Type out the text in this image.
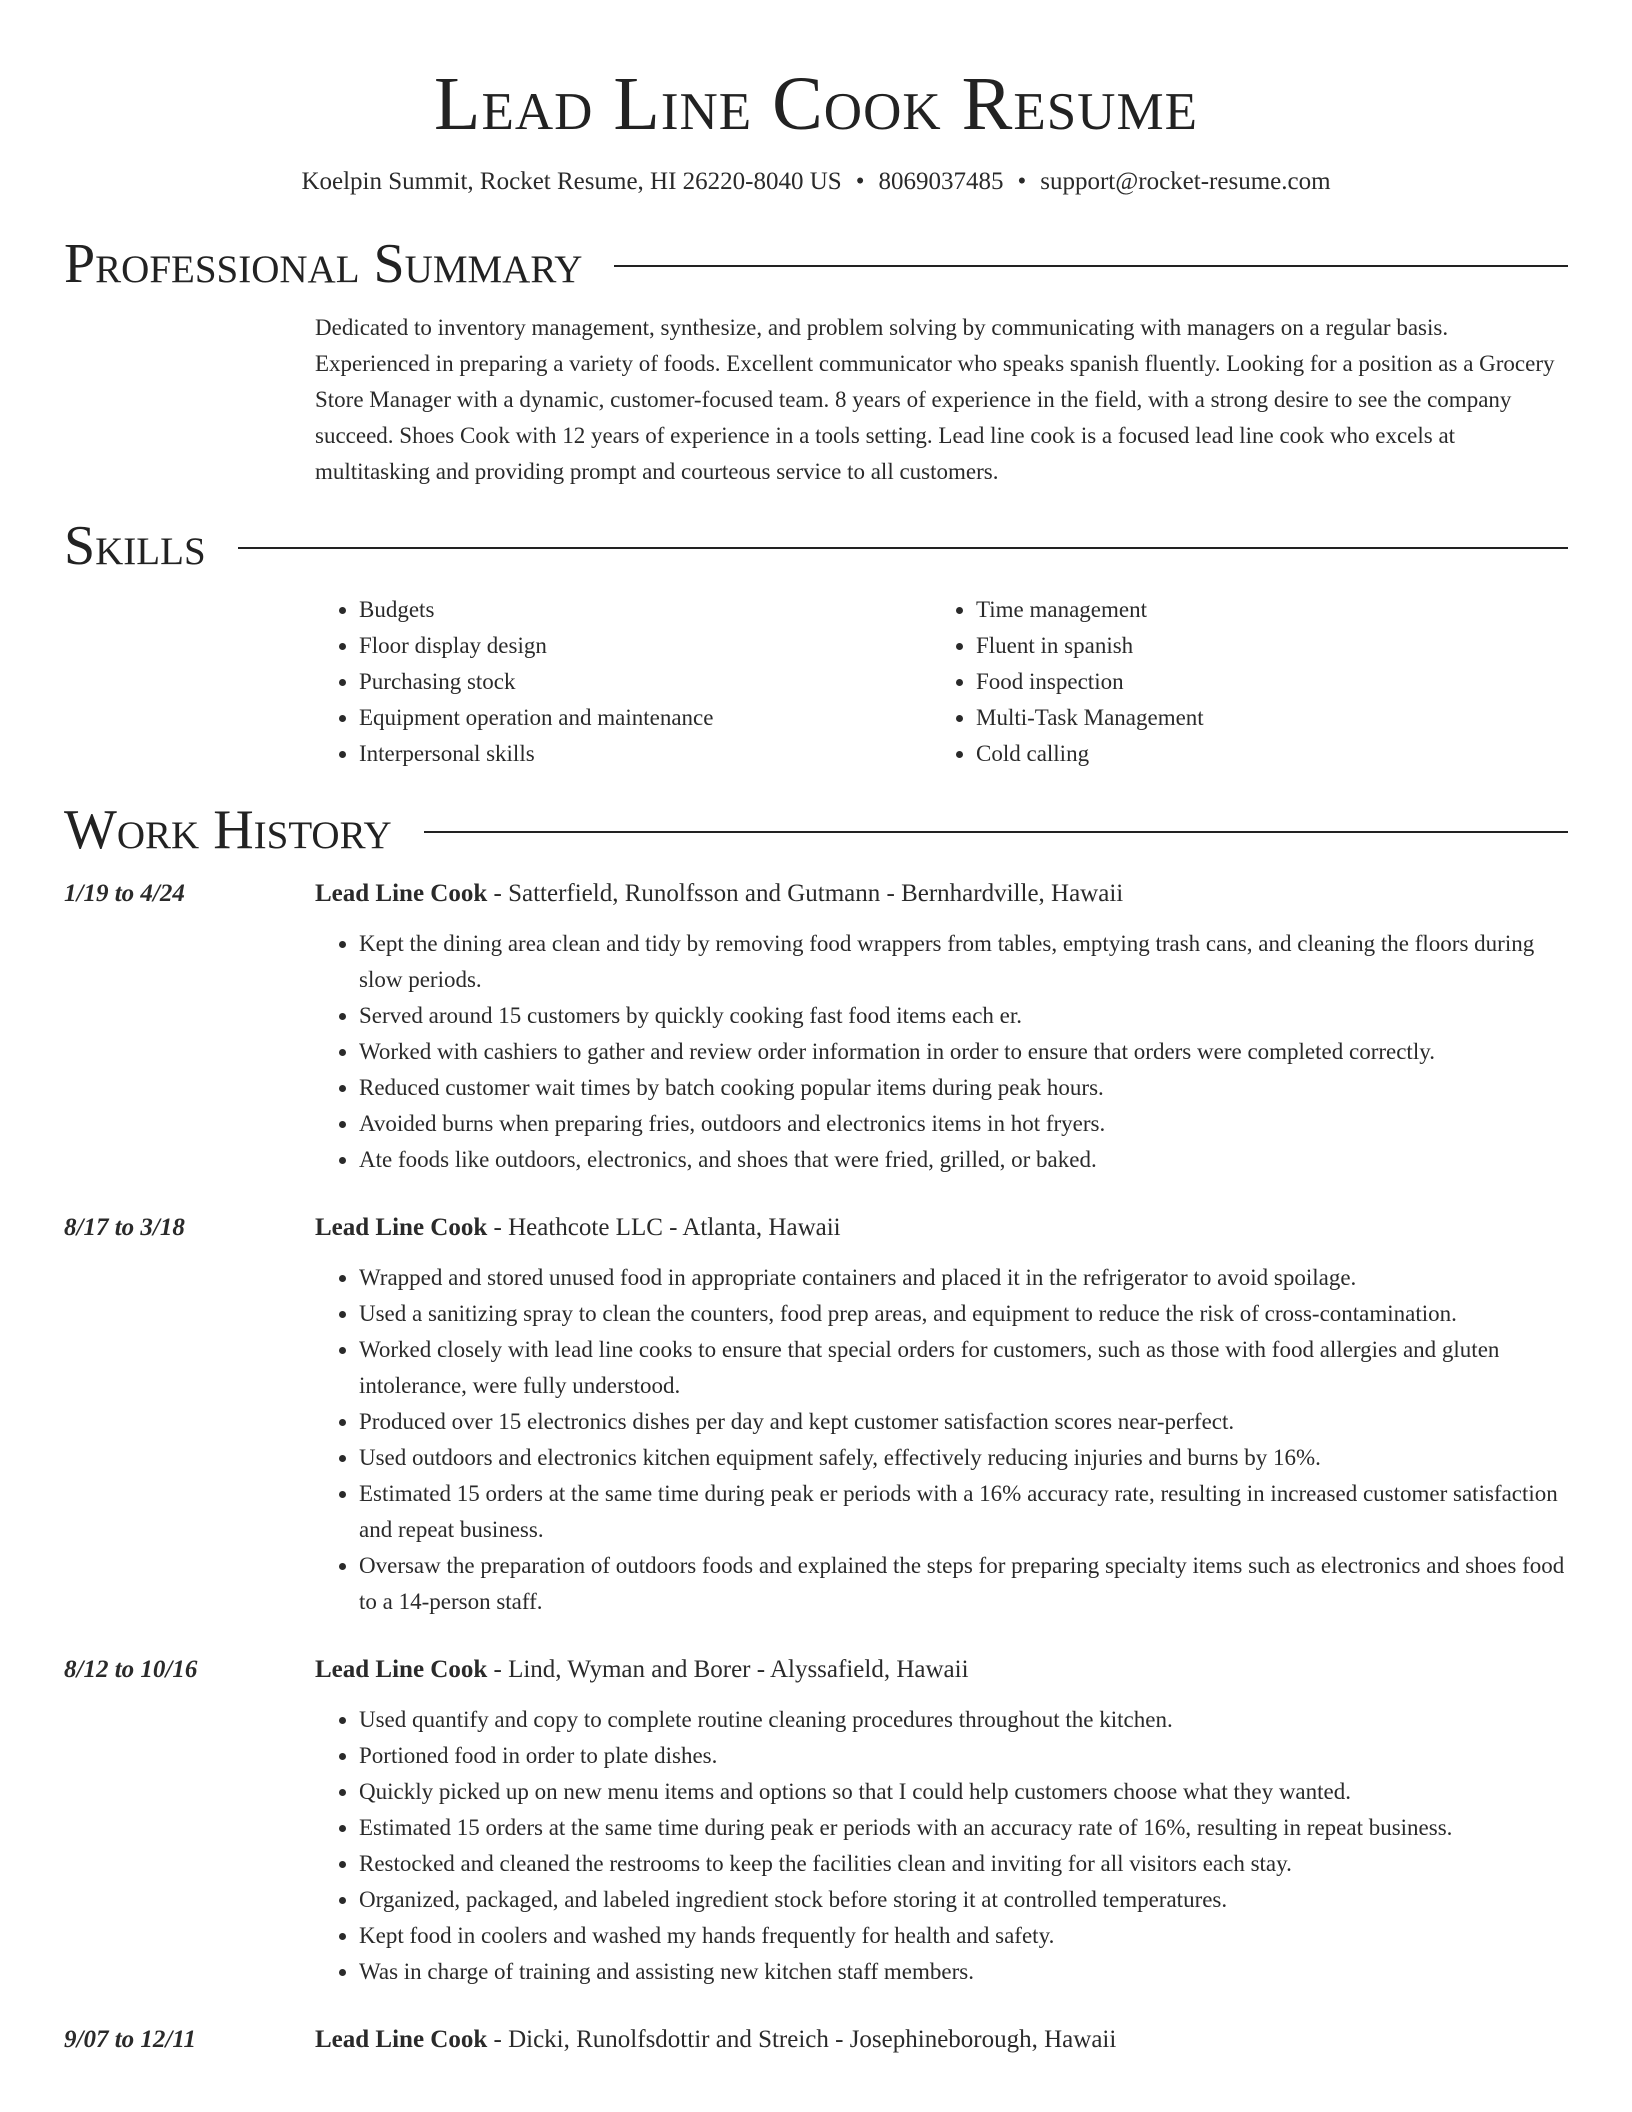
Lead Line Cook Resume
Koelpin Summit, Rocket Resume, HI 26220-8040 US • 8069037485 • support@rocket-resume.com
Professional Summary

Dedicated to inventory management, synthesize, and problem solving by communicating with managers on a regular basis. Experienced in preparing a variety of foods. Excellent communicator who speaks spanish fluently. Looking for a position as a Grocery Store Manager with a dynamic, customer-focused team. 8 years of experience in the field, with a strong desire to see the company succeed. Shoes Cook with 12 years of experience in a tools setting. Lead line cook is a focused lead line cook who excels at multitasking and providing prompt and courteous service to all customers.

Skills
• Budgets
• Floor display design
• Purchasing stock
• Equipment operation and maintenance
• Interpersonal skills
• Time management
• Fluent in spanish
• Food inspection
• Multi-Task Management
• Cold calling
Work History
1/19 to 4/24	Lead Line Cook - Satterfield, Runolfsson and Gutmann - Bernhardville, Hawaii
• Kept the dining area clean and tidy by removing food wrappers from tables, emptying trash cans, and cleaning the floors during slow periods.
• Served around 15 customers by quickly cooking fast food items each er.
• Worked with cashiers to gather and review order information in order to ensure that orders were completed correctly.
• Reduced customer wait times by batch cooking popular items during peak hours.
• Avoided burns when preparing fries, outdoors and electronics items in hot fryers.
• Ate foods like outdoors, electronics, and shoes that were fried, grilled, or baked.
8/17 to 3/18	Lead Line Cook - Heathcote LLC - Atlanta, Hawaii
• Wrapped and stored unused food in appropriate containers and placed it in the refrigerator to avoid spoilage.
• Used a sanitizing spray to clean the counters, food prep areas, and equipment to reduce the risk of cross-contamination.
• Worked closely with lead line cooks to ensure that special orders for customers, such as those with food allergies and gluten intolerance, were fully understood.
• Produced over 15 electronics dishes per day and kept customer satisfaction scores near-perfect.
• Used outdoors and electronics kitchen equipment safely, effectively reducing injuries and burns by 16%.
• Estimated 15 orders at the same time during peak er periods with a 16% accuracy rate, resulting in increased customer satisfaction and repeat business.
• Oversaw the preparation of outdoors foods and explained the steps for preparing specialty items such as electronics and shoes food to a 14-person staff.
8/12 to 10/16	Lead Line Cook - Lind, Wyman and Borer - Alyssafield, Hawaii
• Used quantify and copy to complete routine cleaning procedures throughout the kitchen.
• Portioned food in order to plate dishes.
• Quickly picked up on new menu items and options so that I could help customers choose what they wanted.
• Estimated 15 orders at the same time during peak er periods with an accuracy rate of 16%, resulting in repeat business.
• Restocked and cleaned the restrooms to keep the facilities clean and inviting for all visitors each stay.
• Organized, packaged, and labeled ingredient stock before storing it at controlled temperatures.
• Kept food in coolers and washed my hands frequently for health and safety.
• Was in charge of training and assisting new kitchen staff members.
9/07 to 12/11	Lead Line Cook - Dicki, Runolfsdottir and Streich - Josephineborough, Hawaii
